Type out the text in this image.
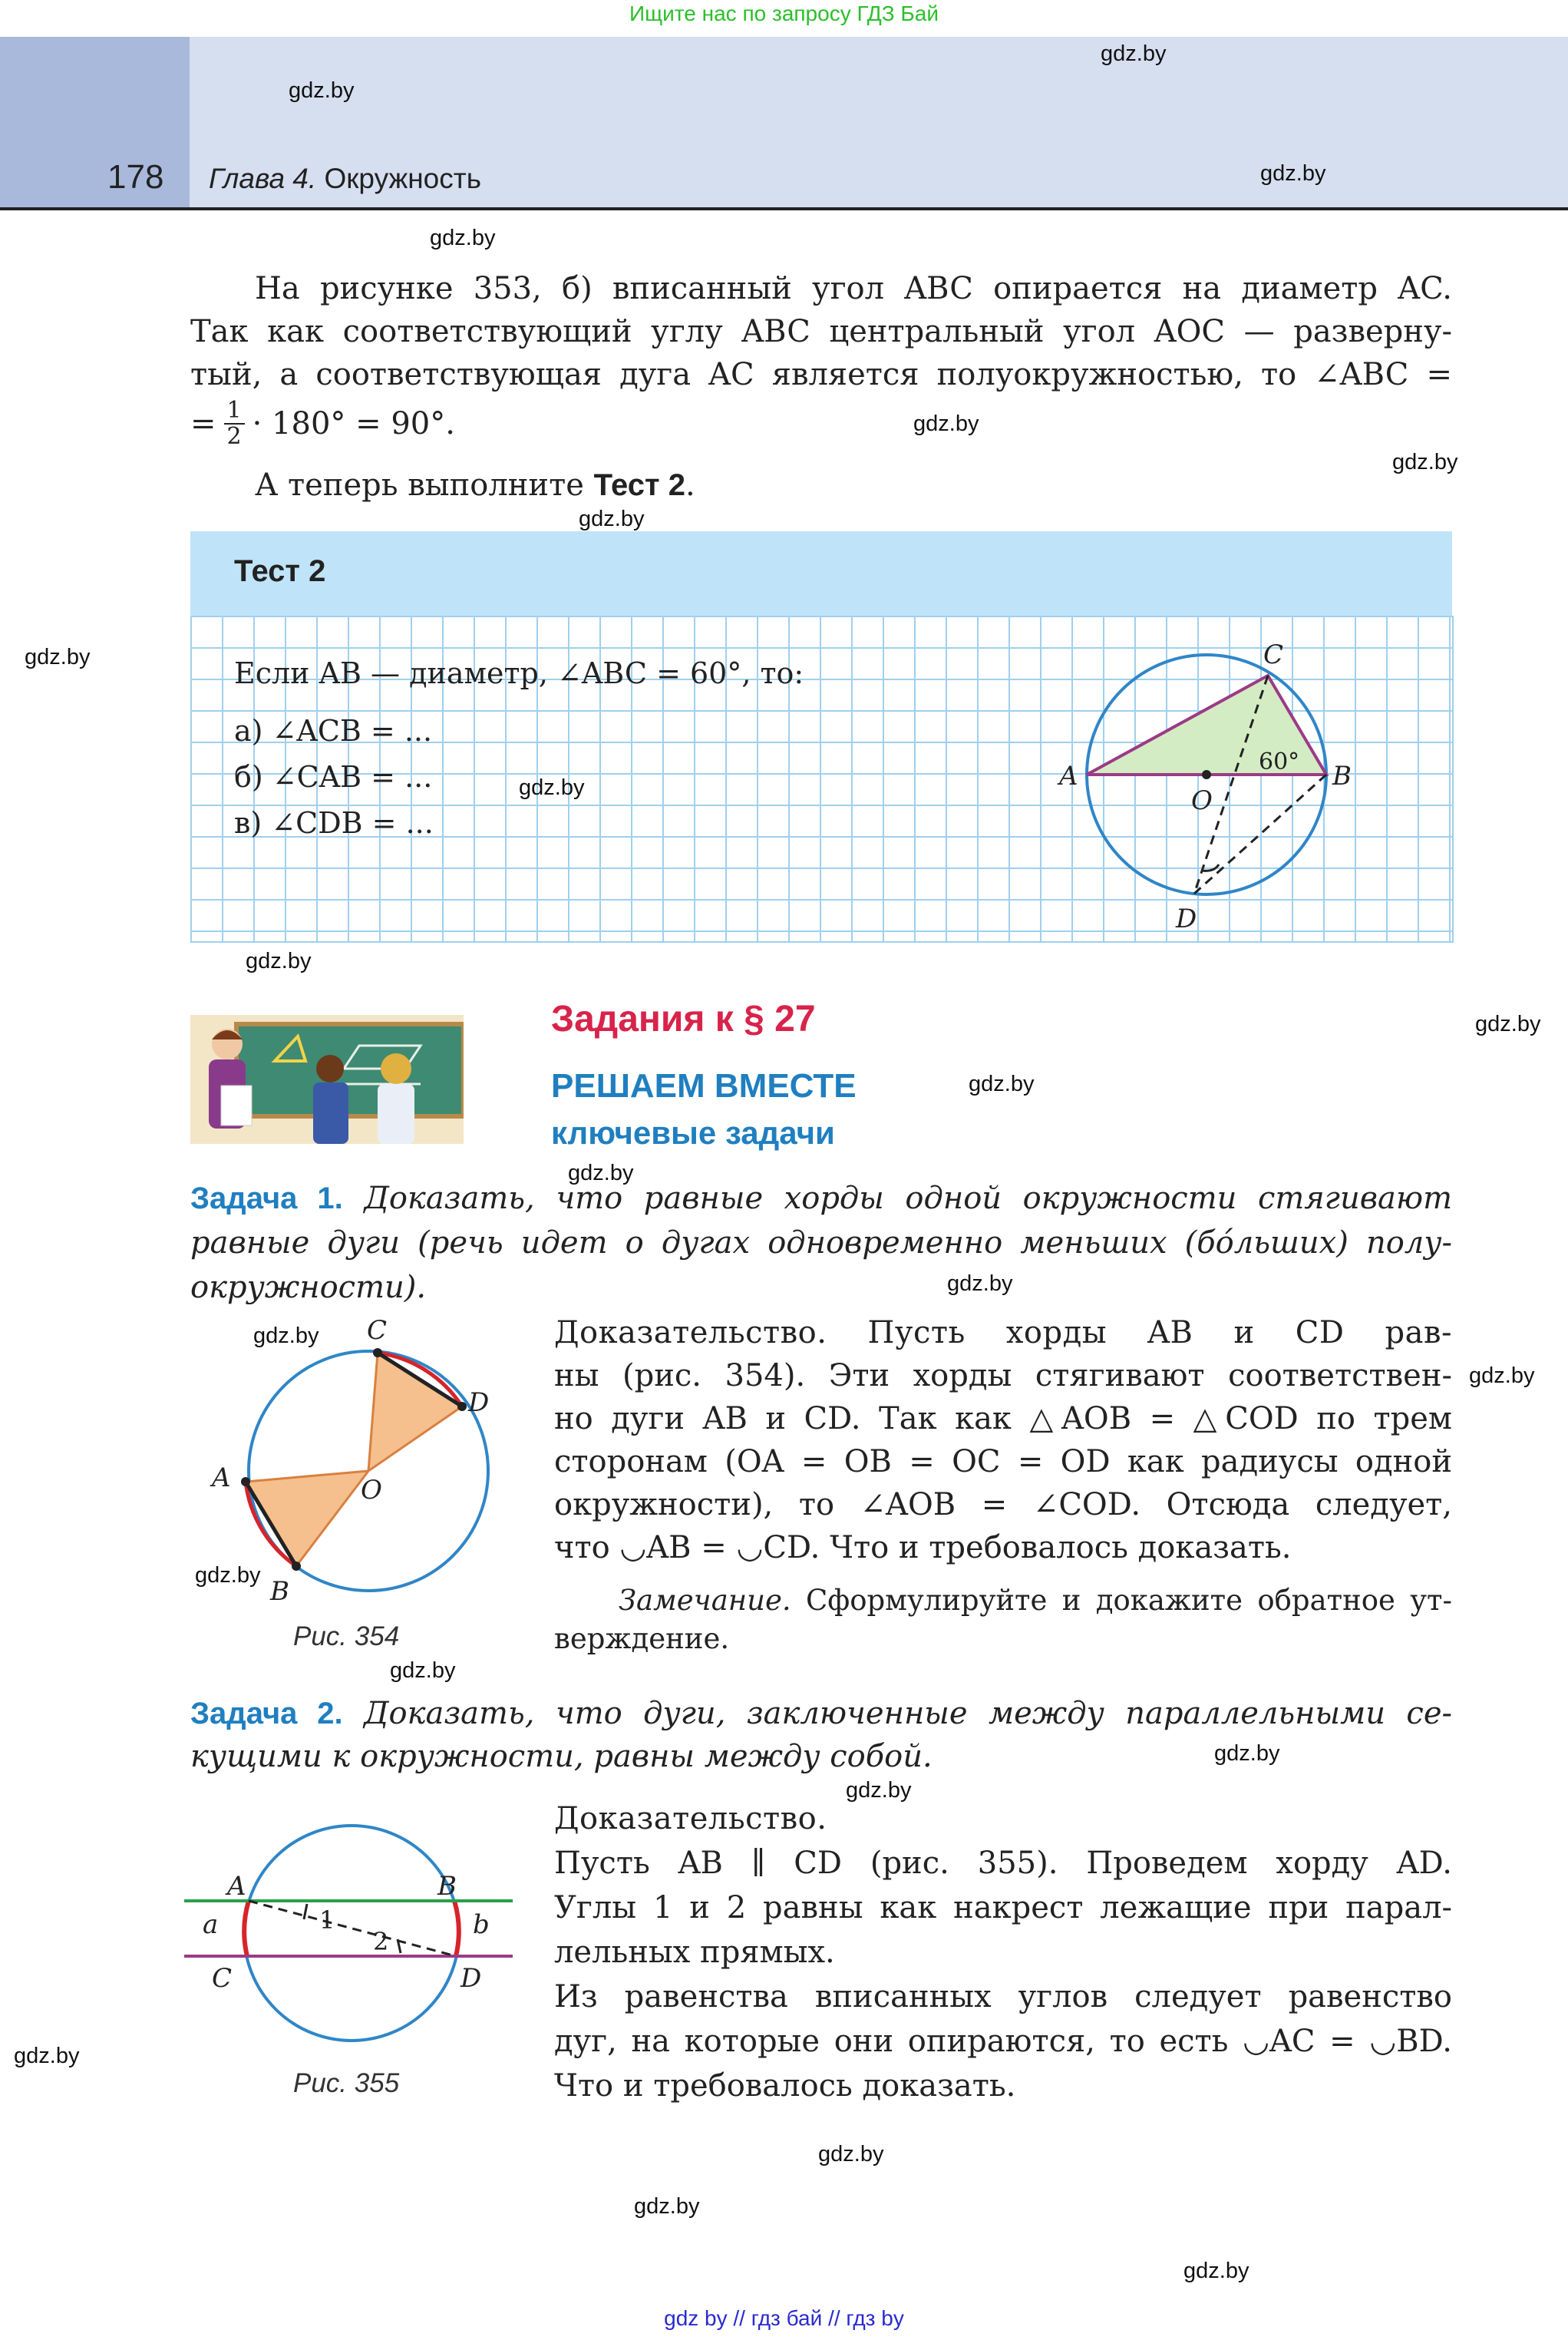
Ищите нас по запросу ГДЗ Бай
178 Глава 4. Окружность
На рисунке 353, б) вписанный угол ABC опирается на диаметр AC.
Так как соответствующий углу ABC центральный угол AOC — разверну-
тый, а соответствующая дуга AC является полуокружностью, то ∠ABC =
= $\frac{1}{2} \cdot 180^\circ = 90^\circ$.
А теперь выполните Тест 2.
Тест 2
Если AB — диаметр, ∠ABC = 60°, то:
а) ∠ACB = ...
б) ∠CAB = ...
в) ∠CDB = ...
A	B
C
D
O
60°
Задания к § 27
РЕШАЕМ ВМЕСТЕ
ключевые задачи
Задача 1. Доказать, что равные хорды одной окружности стягивают
равные дуги (речь идет о дугах одновременно меньших (бо́льших) полу-
окружности).
A
B
C
D
O
Рис. 354
Доказательство. Пусть хорды AB и CD рав-
ны (рис. 354). Эти хорды стягивают соответствен-
но дуги AB и CD. Так как △AOB = △COD по трем
сторонам (OA = OB = OC = OD как радиусы одной
окружности), то ∠AOB = ∠COD. Отсюда следует,
что ◡AB = ◡CD. Что и требовалось доказать.
Замечание. Сформулируйте и докажите обратное ут-
верждение.
Задача 2. Доказать, что дуги, заключенные между параллельными се-
кущими к окружности, равны между собой.
A	B
C	D
a	b
1
2
Рис. 355
Доказательство.
Пусть AB ∥ CD (рис. 355). Проведем хорду AD.
Углы 1 и 2 равны как накрест лежащие при парал-
лельных прямых.
Из равенства вписанных углов следует равенство
дуг, на которые они опираются, то есть ◡AC = ◡BD.
Что и требовалось доказать.
gdz.by
gdz.by
gdz.by
gdz.by
gdz.by
gdz.by
gdz.by
gdz.by
gdz.by
gdz.by
gdz.by
gdz.by
gdz.by
gdz.by
gdz.by
gdz.by
gdz.by
gdz.by
gdz.by
gdz.by
gdz.by
gdz.by
gdz.by
gdz.by
gdz by // гдз бай // гдз by
